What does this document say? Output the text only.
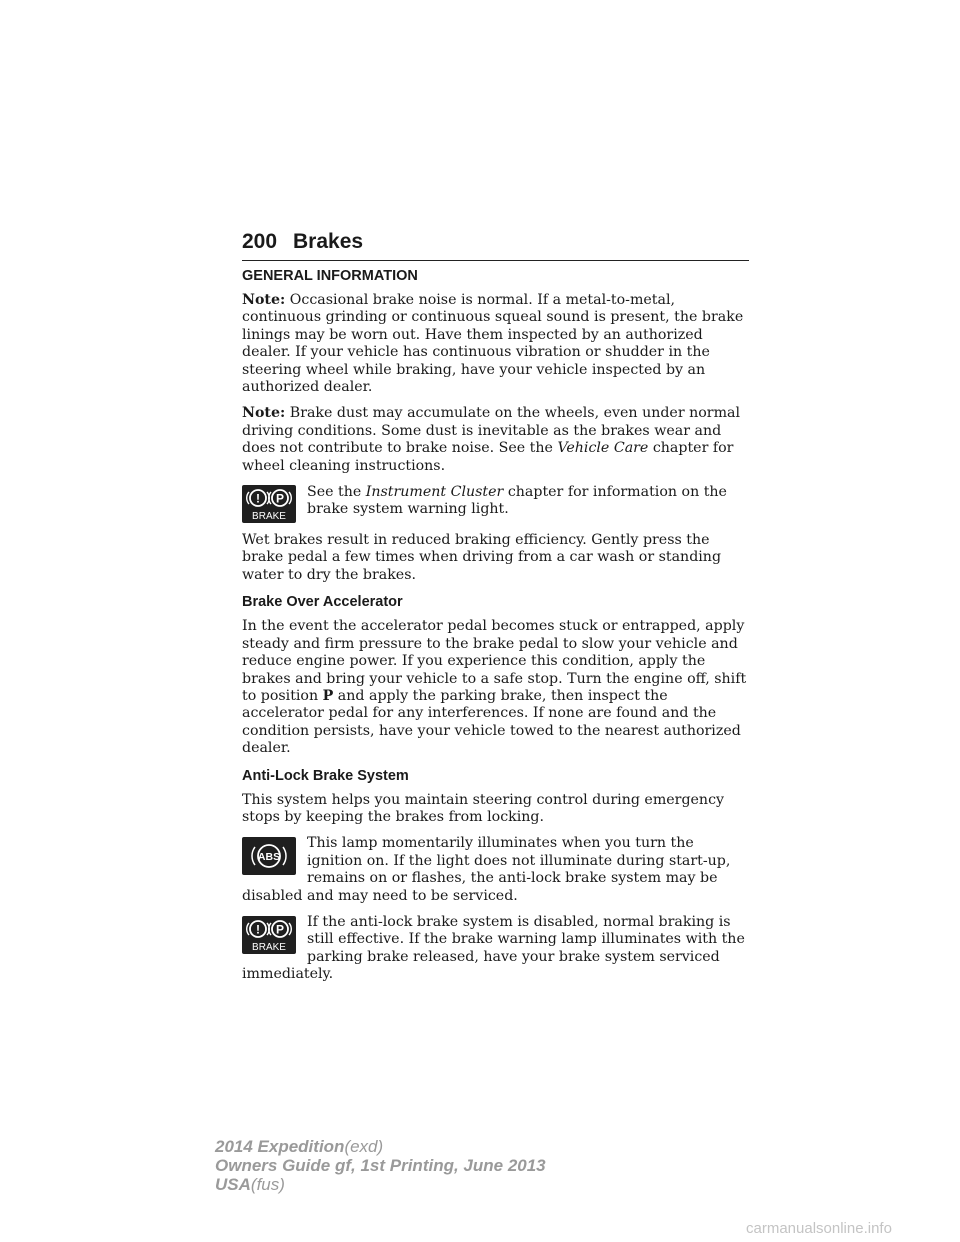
200 Brakes
GENERAL INFORMATION

Note: Occasional brake noise is normal. If a metal-to-metal, continuous grinding or continuous squeal sound is present, the brake linings may be worn out. Have them inspected by an authorized dealer. If your vehicle has continuous vibration or shudder in the steering wheel while braking, have your vehicle inspected by an authorized dealer.

Note: Brake dust may accumulate on the wheels, even under normal driving conditions. Some dust is inevitable as the brakes wear and does not contribute to brake noise. See the Vehicle Care chapter for wheel cleaning instructions.

! P
BRAKE

See the Instrument Cluster chapter for information on the brake system warning light.

Wet brakes result in reduced braking efficiency. Gently press the brake pedal a few times when driving from a car wash or standing water to dry the brakes.

Brake Over Accelerator

In the event the accelerator pedal becomes stuck or entrapped, apply steady and firm pressure to the brake pedal to slow your vehicle and reduce engine power. If you experience this condition, apply the brakes and bring your vehicle to a safe stop. Turn the engine off, shift to position P and apply the parking brake, then inspect the accelerator pedal for any interferences. If none are found and the condition persists, have your vehicle towed to the nearest authorized dealer.

Anti-Lock Brake System

This system helps you maintain steering control during emergency stops by keeping the brakes from locking.

ABS

This lamp momentarily illuminates when you turn the ignition on. If the light does not illuminate during start-up, remains on or flashes, the anti-lock brake system may be disabled and may need to be serviced.

! P
BRAKE

If the anti-lock brake system is disabled, normal braking is still effective. If the brake warning lamp illuminates with the parking brake released, have your brake system serviced immediately.

2014 Expedition(exd)
Owners Guide gf, 1st Printing, June 2013
USA(fus)
carmanualsonline.info
